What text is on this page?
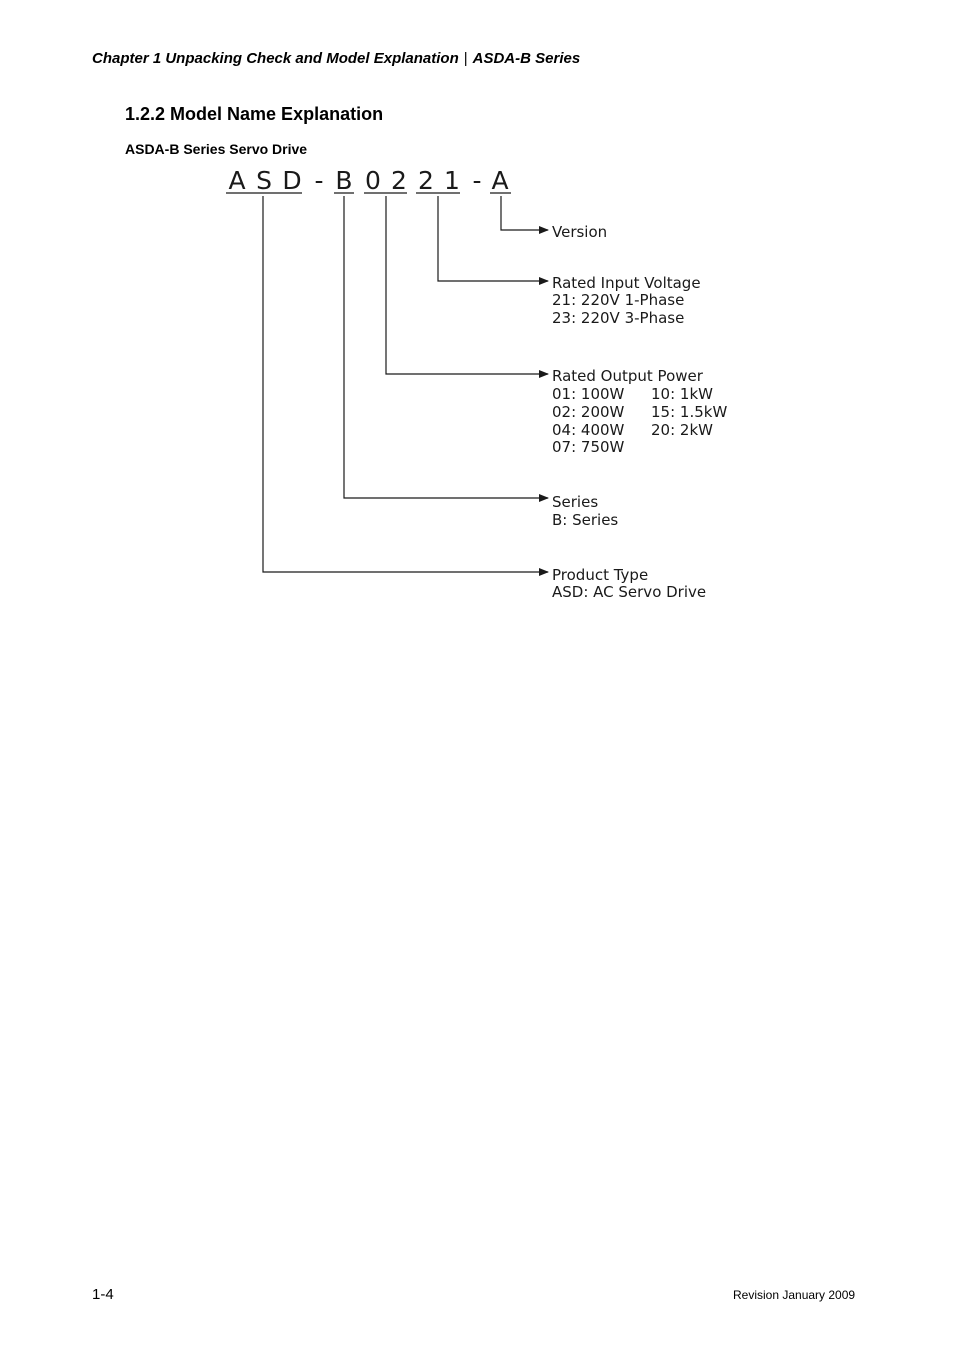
Chapter 1 Unpacking Check and Model Explanation | ASDA-B Series
1.2.2 Model Name Explanation
ASDA-B Series Servo Drive
A S D - B 0 2 2 1 - A
Version
Rated Input Voltage
21: 220V 1-Phase
23: 220V 3-Phase
Rated Output Power
01: 100W
02: 200W
04: 400W
07: 750W
10: 1kW
15: 1.5kW
20: 2kW
Series
B: Series
Product Type
ASD: AC Servo Drive
1-4	Revision January 2009
